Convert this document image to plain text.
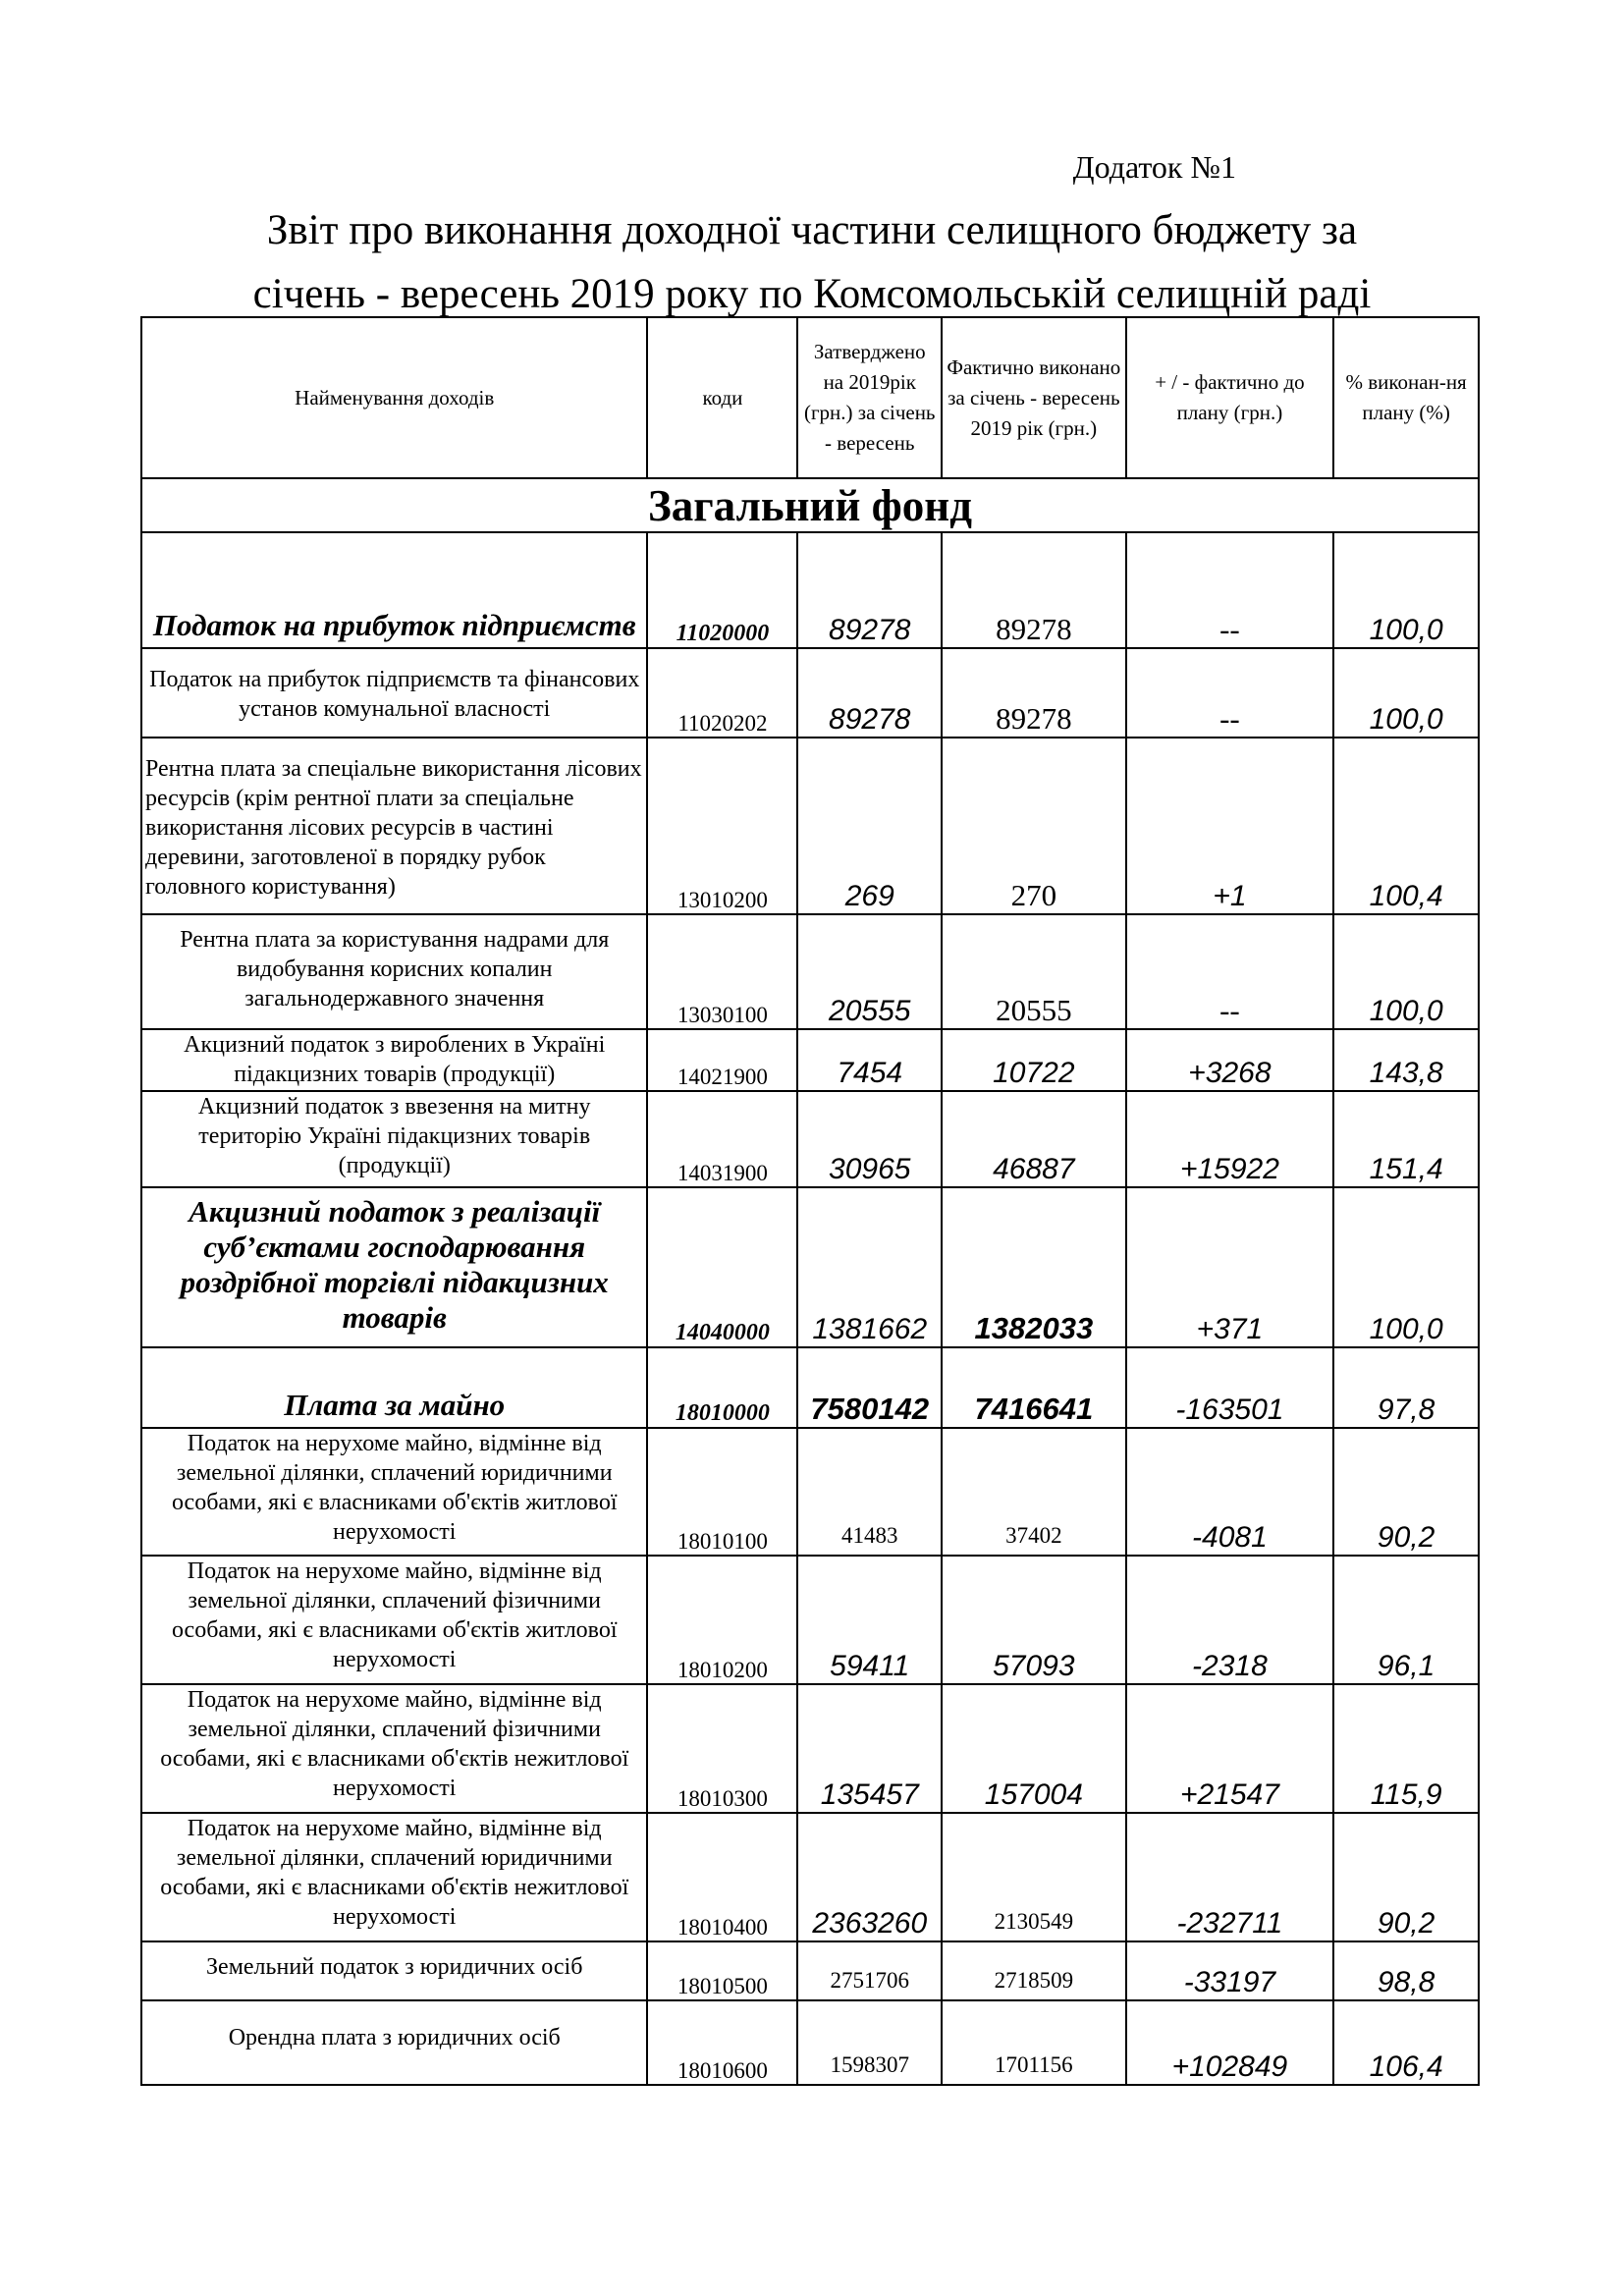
Додаток №1
Звіт про виконання доходної частини селищного бюджету за
січень - вересень 2019 року по Комсомольській селищній раді
Найменування доходів	коди	Затверджено на 2019рік (грн.) за січень - вересень	Фактично виконано за січень - вересень 2019 рік (грн.)	+ / - фактично до плану (грн.)	% виконан-ня плану (%)
Загальний фонд					
Податок на прибуток підприємств	11020000	89278	89278	--	100,0
Податок на прибуток підприємств та фінансових установ комунальної власності	11020202	89278	89278	--	100,0
Рентна плата за спеціальне використання лісових ресурсів (крім рентної плати за спеціальне використання лісових ресурсів в частині деревини, заготовленої в порядку рубок головного користування)	13010200	269	270	+1	100,4
Рентна плата за користування надрами для видобування корисних копалин загальнодержавного значення	13030100	20555	20555	--	100,0
Акцизний податок з вироблених в Україні підакцизних товарів (продукції)	14021900	7454	10722	+3268	143,8
Акцизний податок з ввезення на митну територію Україні підакцизних товарів (продукції)	14031900	30965	46887	+15922	151,4
Акцизний податок з реалізації суб’єктами господарювання роздрібної торгівлі підакцизних товарів	14040000	1381662	1382033	+371	100,0
Плата за майно	18010000	7580142	7416641	-163501	97,8
Податок на нерухоме майно, відмінне від земельної ділянки, сплачений юридичними особами, які є власниками об'єктів житлової нерухомості	18010100	41483	37402	-4081	90,2
Податок на нерухоме майно, відмінне від земельної ділянки, сплачений фізичними особами, які є власниками об'єктів житлової нерухомості	18010200	59411	57093	-2318	96,1
Податок на нерухоме майно, відмінне від земельної ділянки, сплачений фізичними особами, які є власниками об'єктів нежитлової нерухомості	18010300	135457	157004	+21547	115,9
Податок на нерухоме майно, відмінне від земельної ділянки, сплачений юридичними особами, які є власниками об'єктів нежитлової нерухомості	18010400	2363260	2130549	-232711	90,2
Земельний податок з юридичних осіб	18010500	2751706	2718509	-33197	98,8
Орендна плата з юридичних осіб	18010600	1598307	1701156	+102849	106,4
